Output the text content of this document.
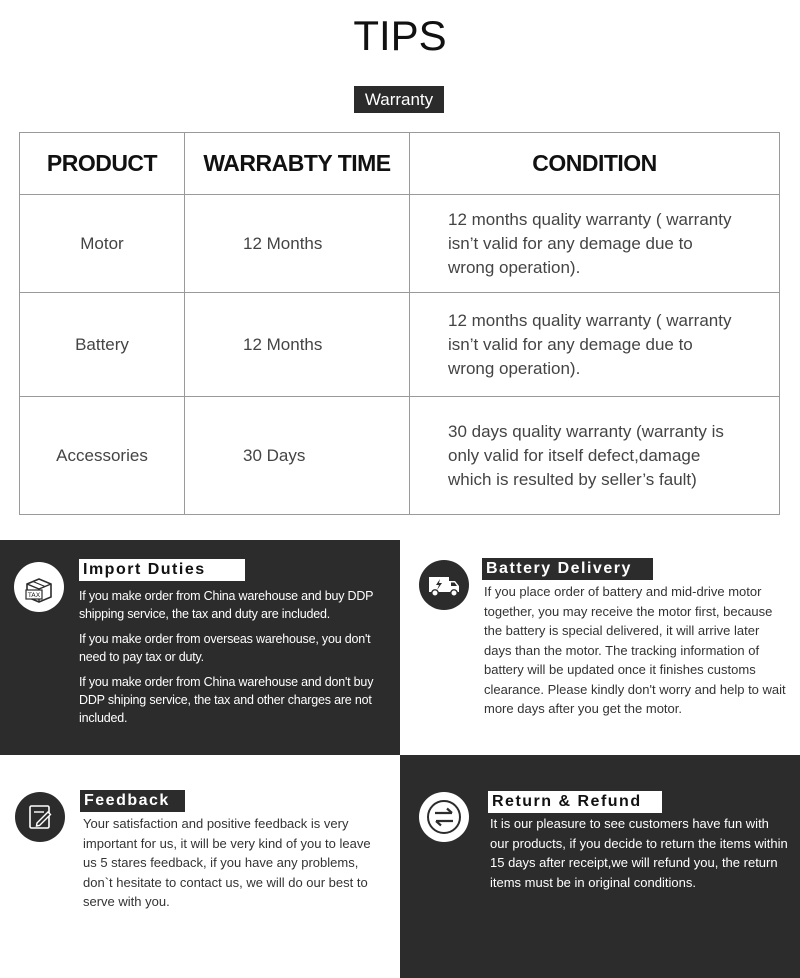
TIPS
Warranty
PRODUCT	WARRABTY TIME	CONDITION
Motor	12 Months	12 months quality warranty ( warranty
isn’t valid for any demage due to
wrong operation).
Battery	12 Months	12 months quality warranty ( warranty
isn’t valid for any demage due to
wrong operation).
Accessories	30 Days	30 days quality warranty (warranty is
only valid for itself defect,damage
which is resulted by seller’s fault)
TAX
Import Duties

If you make order from China warehouse and buy DDP shipping service, the tax and duty are included.

If you make order from overseas warehouse, you don't need to pay tax or duty.

If you make order from China warehouse and don't buy DDP shiping service, the tax and other charges are not included.

Battery Delivery
If you place order of battery and mid-drive motor together, you may receive the motor first, because the battery is special delivered, it will arrive later days than the motor. The tracking information of battery will be updated once it finishes customs clearance. Please kindly don't worry and help to wait more days after you get the motor.
Feedback
Your satisfaction and positive feedback is very important for us, it will be very kind of you to leave us 5 stares feedback, if you have any problems, don`t hesitate to contact us, we will do our best to serve with you.
Return & Refund
It is our pleasure to see customers have fun with our products, if you decide to return the items within 15 days after receipt,we will refund you, the return items must be in original conditions.
